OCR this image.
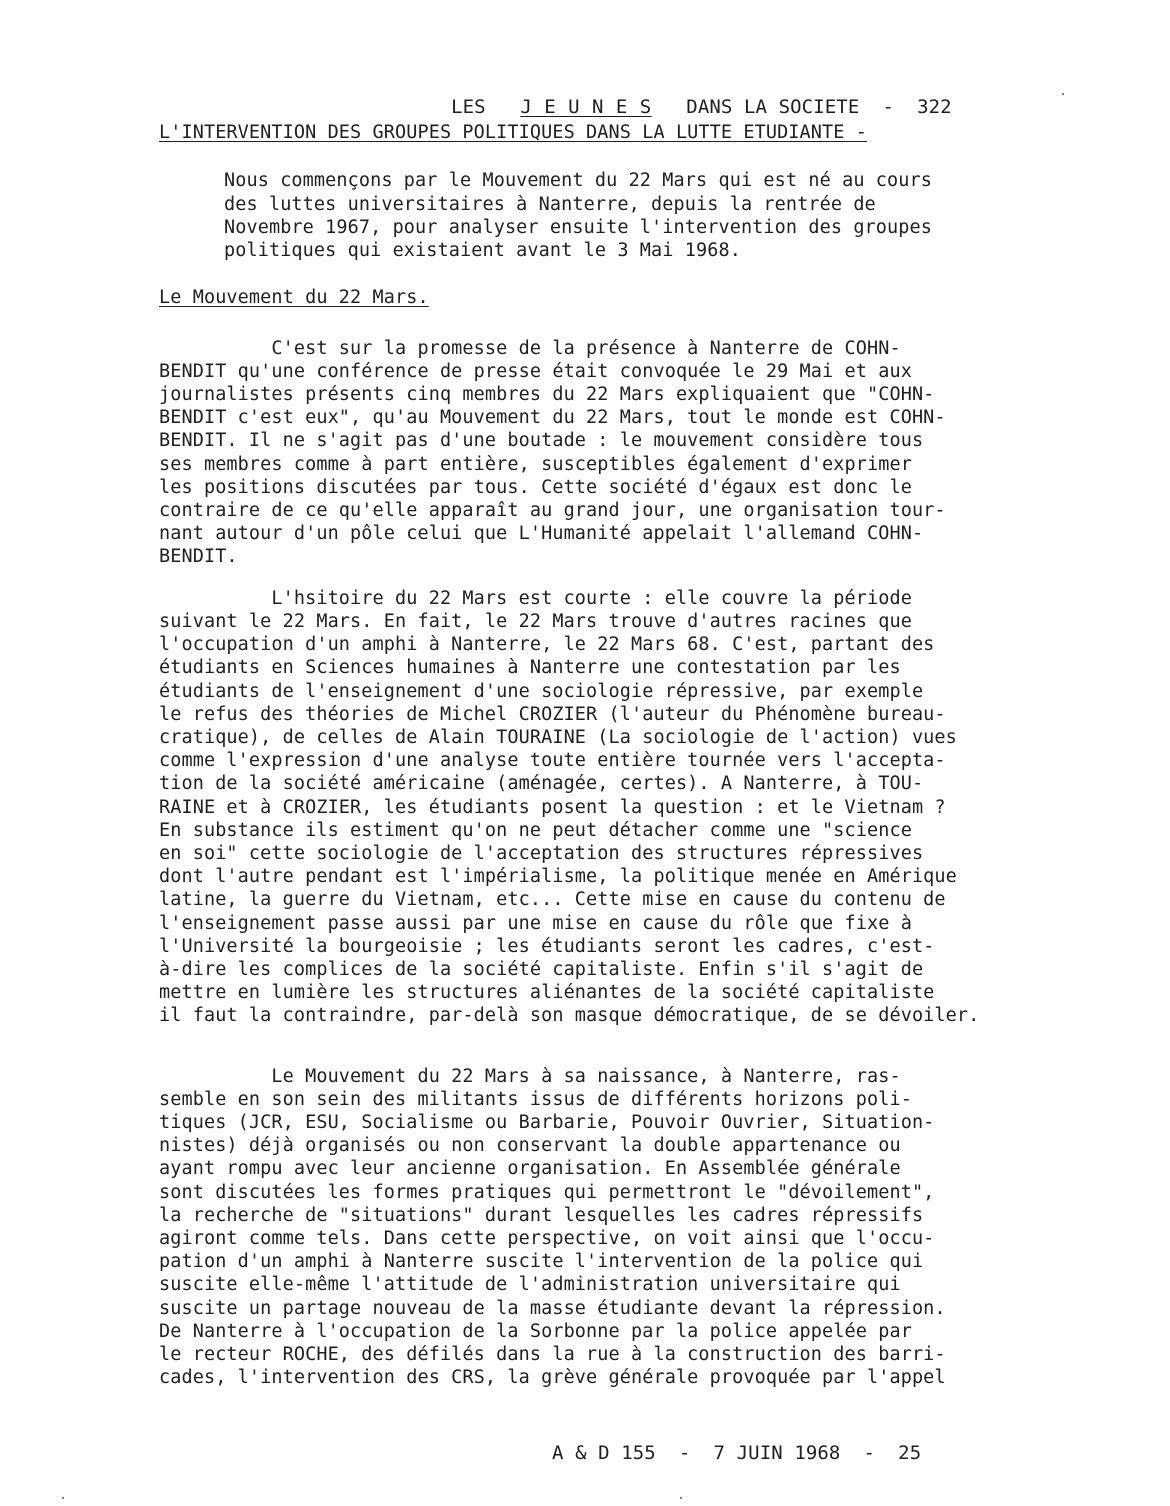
LES J E U N E S DANS LA SOCIETE - 322

L'INTERVENTION DES GROUPES POLITIQUES DANS LA LUTTE ETUDIANTE -
Nous commençons par le Mouvement du 22 Mars qui est né au cours
des luttes universitaires à Nanterre, depuis la rentrée de
Novembre 1967, pour analyser ensuite l'intervention des groupes
politiques qui existaient avant le 3 Mai 1968.
Le Mouvement du 22 Mars.
C'est sur la promesse de la présence à Nanterre de COHN-
BENDIT qu'une conférence de presse était convoquée le 29 Mai et aux
journalistes présents cinq membres du 22 Mars expliquaient que "COHN-
BENDIT c'est eux", qu'au Mouvement du 22 Mars, tout le monde est COHN-
BENDIT. Il ne s'agit pas d'une boutade : le mouvement considère tous
ses membres comme à part entière, susceptibles également d'exprimer
les positions discutées par tous. Cette société d'égaux est donc le
contraire de ce qu'elle apparaît au grand jour, une organisation tour-
nant autour d'un pôle celui que L'Humanité appelait l'allemand COHN-
BENDIT.
L'hsitoire du 22 Mars est courte : elle couvre la période
suivant le 22 Mars. En fait, le 22 Mars trouve d'autres racines que
l'occupation d'un amphi à Nanterre, le 22 Mars 68. C'est, partant des
étudiants en Sciences humaines à Nanterre une contestation par les
étudiants de l'enseignement d'une sociologie répressive, par exemple
le refus des théories de Michel CROZIER (l'auteur du Phénomène bureau-
cratique), de celles de Alain TOURAINE (La sociologie de l'action) vues
comme l'expression d'une analyse toute entière tournée vers l'accepta-
tion de la société américaine (aménagée, certes). A Nanterre, à TOU-
RAINE et à CROZIER, les étudiants posent la question : et le Vietnam ?
En substance ils estiment qu'on ne peut détacher comme une "science
en soi" cette sociologie de l'acceptation des structures répressives
dont l'autre pendant est l'impérialisme, la politique menée en Amérique
latine, la guerre du Vietnam, etc... Cette mise en cause du contenu de
l'enseignement passe aussi par une mise en cause du rôle que fixe à
l'Université la bourgeoisie ; les étudiants seront les cadres, c'est-
à-dire les complices de la société capitaliste. Enfin s'il s'agit de
mettre en lumière les structures aliénantes de la société capitaliste
il faut la contraindre, par-delà son masque démocratique, de se dévoiler.
Le Mouvement du 22 Mars à sa naissance, à Nanterre, ras-
semble en son sein des militants issus de différents horizons poli-
tiques (JCR, ESU, Socialisme ou Barbarie, Pouvoir Ouvrier, Situation-
nistes) déjà organisés ou non conservant la double appartenance ou
ayant rompu avec leur ancienne organisation. En Assemblée générale
sont discutées les formes pratiques qui permettront le "dévoilement",
la recherche de "situations" durant lesquelles les cadres répressifs
agiront comme tels. Dans cette perspective, on voit ainsi que l'occu-
pation d'un amphi à Nanterre suscite l'intervention de la police qui
suscite elle-même l'attitude de l'administration universitaire qui
suscite un partage nouveau de la masse étudiante devant la répression.
De Nanterre à l'occupation de la Sorbonne par la police appelée par
le recteur ROCHE, des défilés dans la rue à la construction des barri-
cades, l'intervention des CRS, la grève générale provoquée par l'appel
A & D 155  -  7 JUIN 1968  -  25
